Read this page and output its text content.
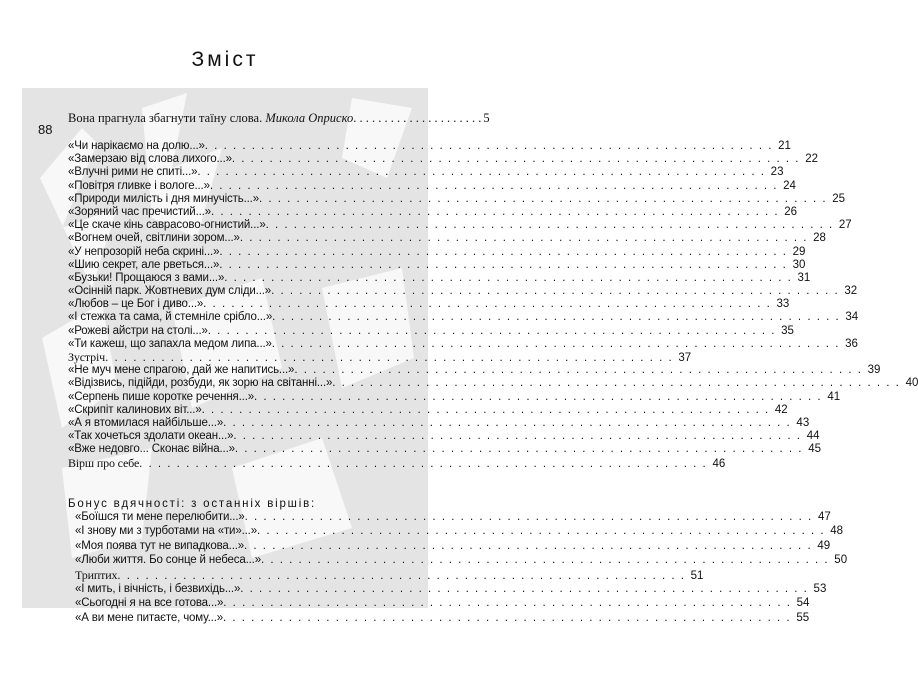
Зміст
88
Вона прагнула збагнути таїну слова. Микола Оприско . . . . . . . . . . . . . . . . . . . . . 5
«Чи нарікаємо на долю...» . . . . . . . . . . . . . . . . . . . . . . . . . . . . . . . . . . . . . . . . . . . . . . . . . . . . . . . . . . . . . 21
«Замерзаю від слова лихого...» . . . . . . . . . . . . . . . . . . . . . . . . . . . . . . . . . . . . . . . . . . . . . . . . . . . . . . . . . . . . . 22
«Влучні рими не спиті...» . . . . . . . . . . . . . . . . . . . . . . . . . . . . . . . . . . . . . . . . . . . . . . . . . . . . . . . . . . . . . 23
«Повітря гливке і вологе...» . . . . . . . . . . . . . . . . . . . . . . . . . . . . . . . . . . . . . . . . . . . . . . . . . . . . . . . . . . . . . 24
«Природи милість і дня минучість...» . . . . . . . . . . . . . . . . . . . . . . . . . . . . . . . . . . . . . . . . . . . . . . . . . . . . . . . . . . . . . 25
«Зоряний час пречистий...» . . . . . . . . . . . . . . . . . . . . . . . . . . . . . . . . . . . . . . . . . . . . . . . . . . . . . . . . . . . . . 26
«Це скаче кінь саврасово-огнистий...» . . . . . . . . . . . . . . . . . . . . . . . . . . . . . . . . . . . . . . . . . . . . . . . . . . . . . . . . . . . . . 27
«Вогнем очей, світлини зором...» . . . . . . . . . . . . . . . . . . . . . . . . . . . . . . . . . . . . . . . . . . . . . . . . . . . . . . . . . . . . . 28
«У непрозорій неба скрині...» . . . . . . . . . . . . . . . . . . . . . . . . . . . . . . . . . . . . . . . . . . . . . . . . . . . . . . . . . . . . . 29
«Шию секрет, але рветься...» . . . . . . . . . . . . . . . . . . . . . . . . . . . . . . . . . . . . . . . . . . . . . . . . . . . . . . . . . . . . . 30
«Бузьки! Прощаюся з вами...» . . . . . . . . . . . . . . . . . . . . . . . . . . . . . . . . . . . . . . . . . . . . . . . . . . . . . . . . . . . . . 31
«Осінній парк. Жовтневих дум сліди...» . . . . . . . . . . . . . . . . . . . . . . . . . . . . . . . . . . . . . . . . . . . . . . . . . . . . . . . . . . . . . 32
«Любов – це Бог і диво...» . . . . . . . . . . . . . . . . . . . . . . . . . . . . . . . . . . . . . . . . . . . . . . . . . . . . . . . . . . . . . 33
«І стежка та сама, й стемніле срібло...» . . . . . . . . . . . . . . . . . . . . . . . . . . . . . . . . . . . . . . . . . . . . . . . . . . . . . . . . . . . . . 34
«Рожеві айстри на столі...» . . . . . . . . . . . . . . . . . . . . . . . . . . . . . . . . . . . . . . . . . . . . . . . . . . . . . . . . . . . . . 35
«Ти кажеш, що запахла медом липа...» . . . . . . . . . . . . . . . . . . . . . . . . . . . . . . . . . . . . . . . . . . . . . . . . . . . . . . . . . . . . . 36
Зустріч . . . . . . . . . . . . . . . . . . . . . . . . . . . . . . . . . . . . . . . . . . . . . . . . . . . . . . . . . . . . . 37
«Не муч мене спрагою, дай же напитись...» . . . . . . . . . . . . . . . . . . . . . . . . . . . . . . . . . . . . . . . . . . . . . . . . . . . . . . . . . . . . . 39
«Відізвись, підійди, розбуди, як зорю на світанні...» . . . . . . . . . . . . . . . . . . . . . . . . . . . . . . . . . . . . . . . . . . . . . . . . . . . . . . . . . . . . . 40
«Серпень пише коротке речення...» . . . . . . . . . . . . . . . . . . . . . . . . . . . . . . . . . . . . . . . . . . . . . . . . . . . . . . . . . . . . . 41
«Скрипіт калинових віт...» . . . . . . . . . . . . . . . . . . . . . . . . . . . . . . . . . . . . . . . . . . . . . . . . . . . . . . . . . . . . . 42
«А я втомилася найбільше...» . . . . . . . . . . . . . . . . . . . . . . . . . . . . . . . . . . . . . . . . . . . . . . . . . . . . . . . . . . . . . 43
«Так хочеться здолати океан...» . . . . . . . . . . . . . . . . . . . . . . . . . . . . . . . . . . . . . . . . . . . . . . . . . . . . . . . . . . . . . 44
«Вже недовго... Сконає війна...» . . . . . . . . . . . . . . . . . . . . . . . . . . . . . . . . . . . . . . . . . . . . . . . . . . . . . . . . . . . . . 45
Вірш про себе . . . . . . . . . . . . . . . . . . . . . . . . . . . . . . . . . . . . . . . . . . . . . . . . . . . . . . . . . . . . . 46
Бонус вдячності: з останніх віршів:
«Боїшся ти мене перелюбити...» . . . . . . . . . . . . . . . . . . . . . . . . . . . . . . . . . . . . . . . . . . . . . . . . . . . . . . . . . . . . . 47
«І знову ми з турботами на «ти»...» . . . . . . . . . . . . . . . . . . . . . . . . . . . . . . . . . . . . . . . . . . . . . . . . . . . . . . . . . . . . . 48
«Моя поява тут не випадкова...» . . . . . . . . . . . . . . . . . . . . . . . . . . . . . . . . . . . . . . . . . . . . . . . . . . . . . . . . . . . . . 49
«Люби життя. Бо сонце й небеса...» . . . . . . . . . . . . . . . . . . . . . . . . . . . . . . . . . . . . . . . . . . . . . . . . . . . . . . . . . . . . . 50
Триптих . . . . . . . . . . . . . . . . . . . . . . . . . . . . . . . . . . . . . . . . . . . . . . . . . . . . . . . . . . . . . 51
«І мить, і вічність, і безвихідь...» . . . . . . . . . . . . . . . . . . . . . . . . . . . . . . . . . . . . . . . . . . . . . . . . . . . . . . . . . . . . . 53
«Сьогодні я на все готова...» . . . . . . . . . . . . . . . . . . . . . . . . . . . . . . . . . . . . . . . . . . . . . . . . . . . . . . . . . . . . . 54
«А ви мене питаєте, чому...» . . . . . . . . . . . . . . . . . . . . . . . . . . . . . . . . . . . . . . . . . . . . . . . . . . . . . . . . . . . . . 55
